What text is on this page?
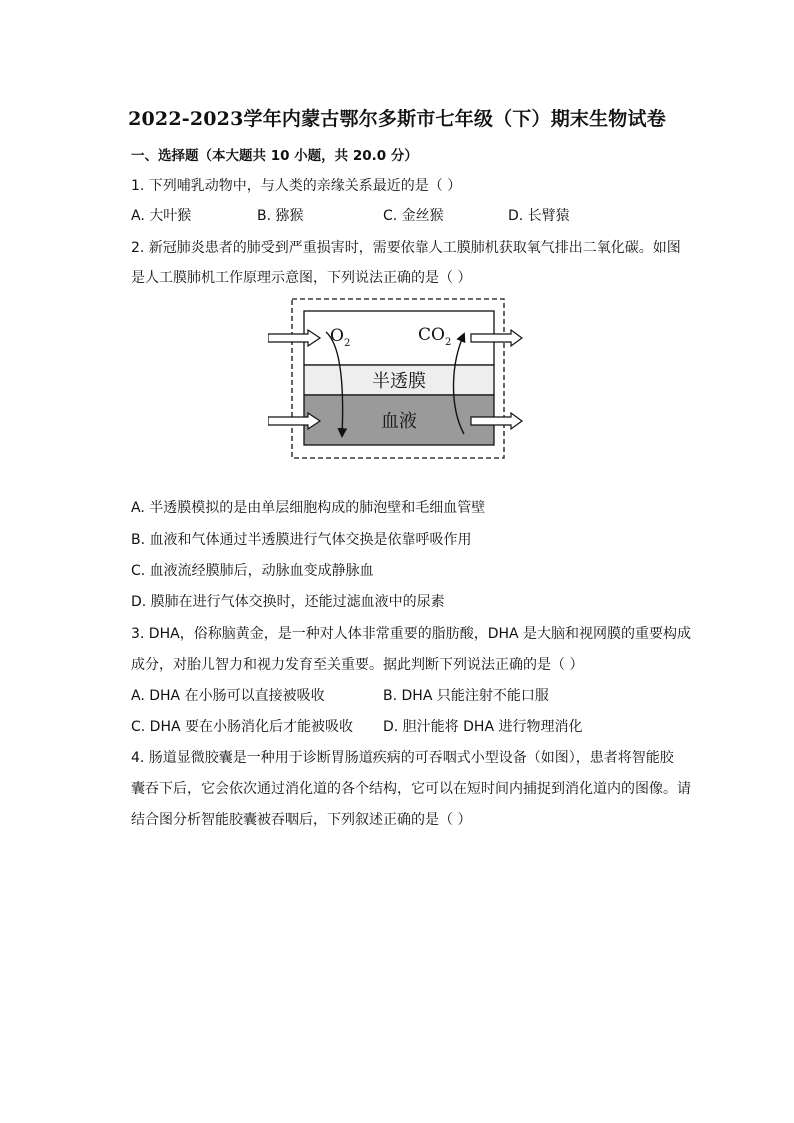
2022-2023学年内蒙古鄂尔多斯市七年级（下）期末生物试卷
一、选择题（本大题共 10 小题，共 20.0 分）
1. 下列哺乳动物中，与人类的亲缘关系最近的是（ ）
A. 大叶猴	B. 猕猴	C. 金丝猴	D. 长臂猿
2. 新冠肺炎患者的肺受到严重损害时，需要依靠人工膜肺机获取氧气排出二氧化碳。如图
是人工膜肺机工作原理示意图，下列说法正确的是（ ）
$O_2$	$CO_2$
半透膜
血液
A. 半透膜模拟的是由单层细胞构成的肺泡壁和毛细血管壁
B. 血液和气体通过半透膜进行气体交换是依靠呼吸作用
C. 血液流经膜肺后，动脉血变成静脉血
D. 膜肺在进行气体交换时，还能过滤血液中的尿素
3. DHA，俗称脑黄金，是一种对人体非常重要的脂肪酸，DHA 是大脑和视网膜的重要构成
成分，对胎儿智力和视力发育至关重要。据此判断下列说法正确的是（ ）
A. DHA 在小肠可以直接被吸收	B. DHA 只能注射不能口服
C. DHA 要在小肠消化后才能被吸收 D. 胆汁能将 DHA 进行物理消化
4. 肠道显微胶囊是一种用于诊断胃肠道疾病的可吞咽式小型设备（如图），患者将智能胶
囊吞下后，它会依次通过消化道的各个结构，它可以在短时间内捕捉到消化道内的图像。请
结合图分析智能胶囊被吞咽后，下列叙述正确的是（ ）
